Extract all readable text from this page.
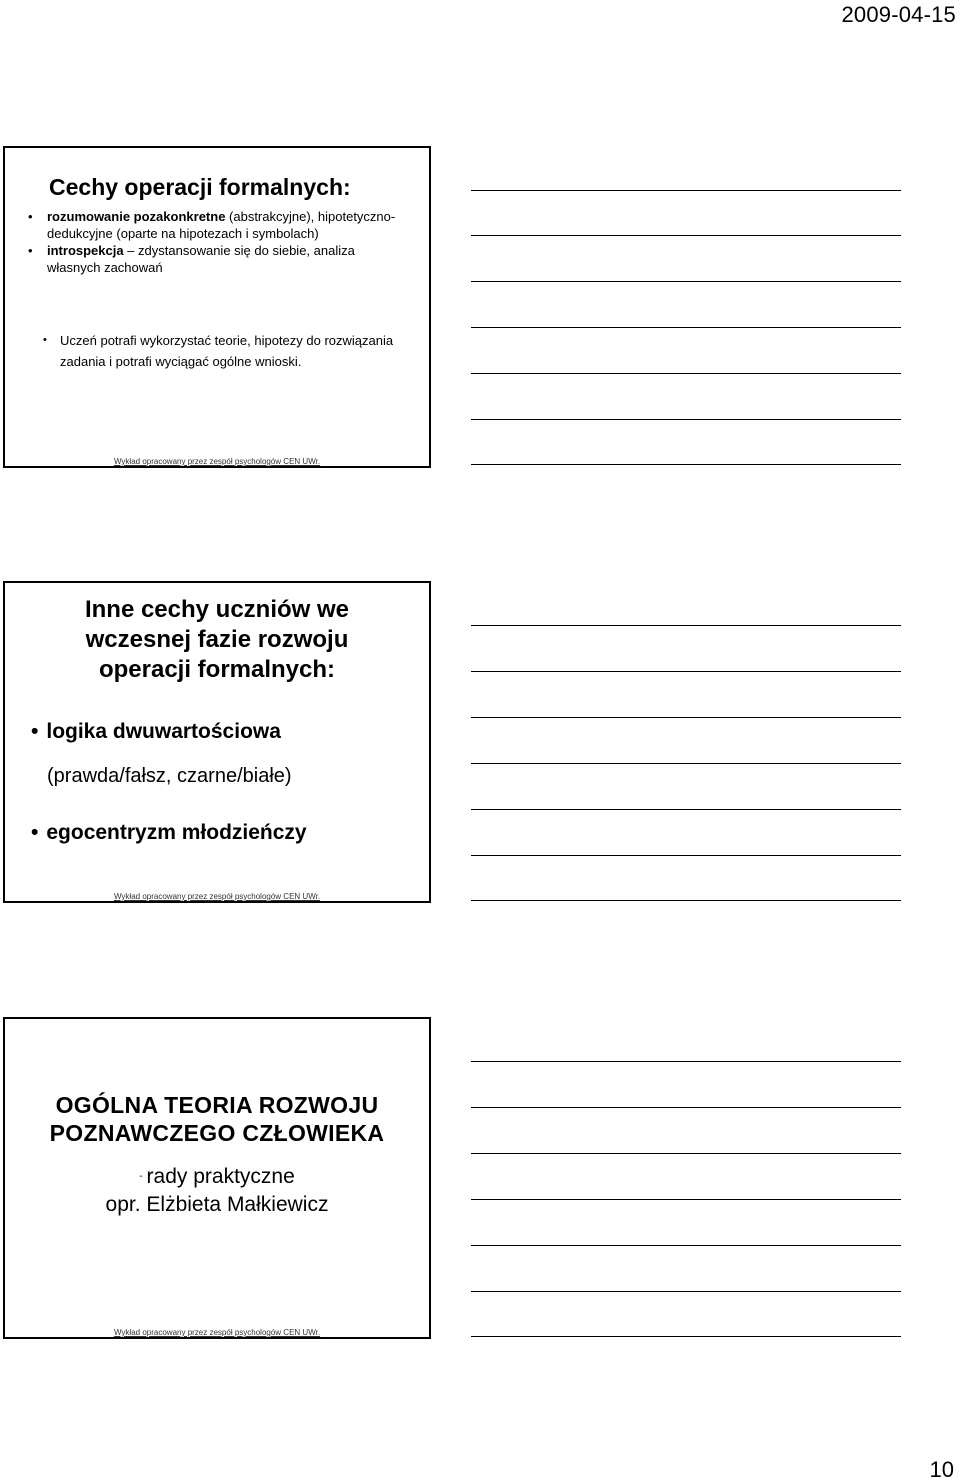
2009-04-15
Cechy operacji formalnych:
• rozumowanie pozakonkretne (abstrakcyjne), hipotetyczno-dedukcyjne (oparte na hipotezach i symbolach)
• introspekcja – zdystansowanie się do siebie, analiza własnych zachowań
• Uczeń potrafi wykorzystać teorie, hipotezy do rozwiązania zadania i potrafi wyciągać ogólne wnioski.
Wykład opracowany przez zespół psychologów CEN UWr.
Inne cechy uczniów we
wczesnej fazie rozwoju
operacji formalnych:
• logika dwuwartościowa
(prawda/fałsz, czarne/białe)
• egocentryzm młodzieńczy
Wykład opracowany przez zespół psychologów CEN UWr.
OGÓLNA TEORIA ROZWOJU
POZNAWCZEGO CZŁOWIEKA
- rady praktyczne
opr. Elżbieta Małkiewicz
Wykład opracowany przez zespół psychologów CEN UWr.
10
